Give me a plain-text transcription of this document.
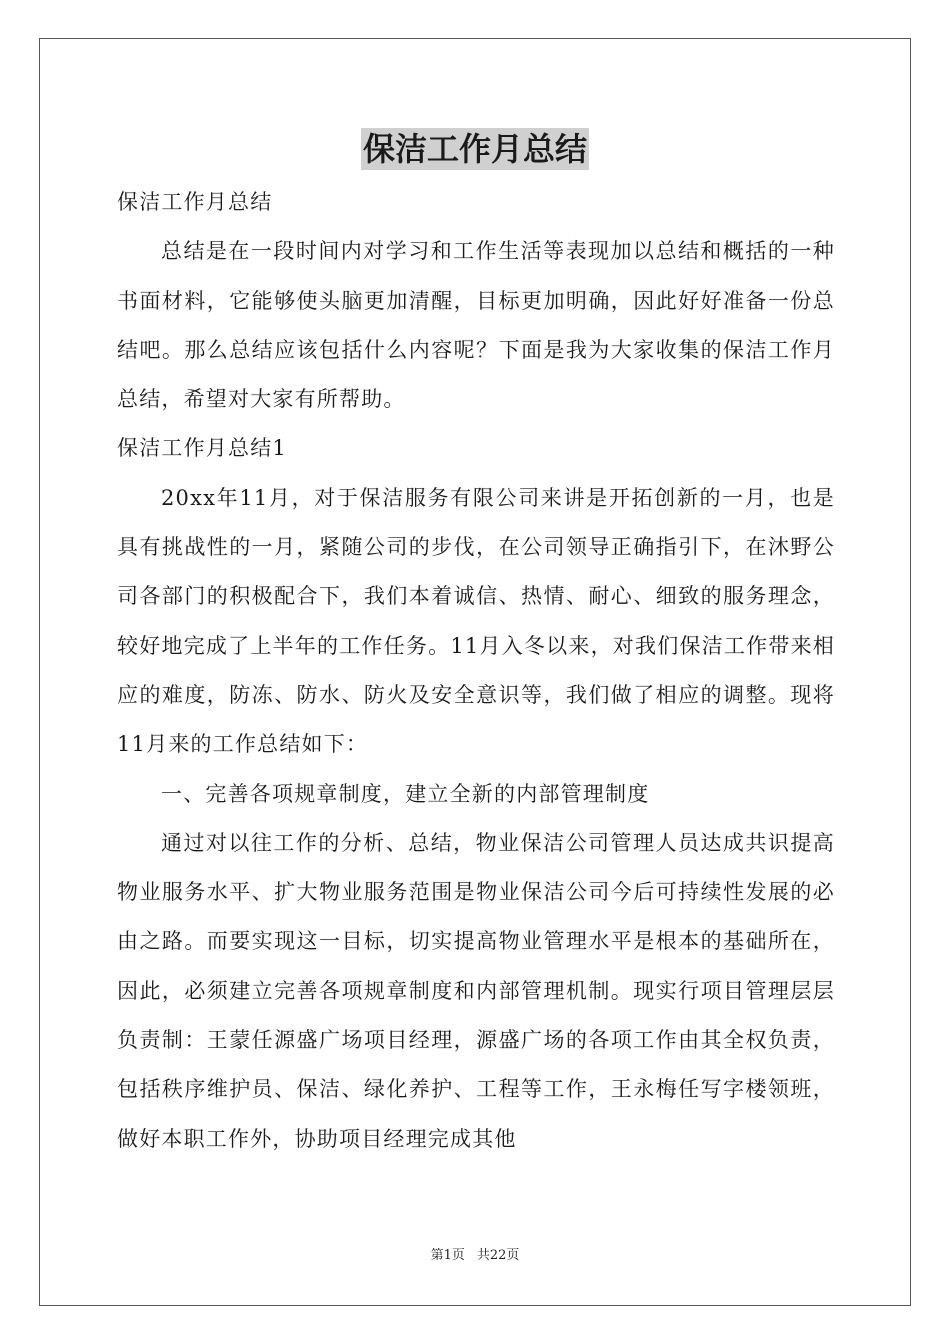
保洁工作月总结

保洁工作月总结

总结是在一段时间内对学习和工作生活等表现加以总结和概括的一种书面材料，它能够使头脑更加清醒，目标更加明确，因此好好准备一份总结吧。那么总结应该包括什么内容呢？下面是我为大家收集的保洁工作月总结，希望对大家有所帮助。

保洁工作月总结1

20xx年11月，对于保洁服务有限公司来讲是开拓创新的一月，也是具有挑战性的一月，紧随公司的步伐，在公司领导正确指引下，在沐野公司各部门的积极配合下，我们本着诚信、热情、耐心、细致的服务理念，较好地完成了上半年的工作任务。11月入冬以来，对我们保洁工作带来相应的难度，防冻、防水、防火及安全意识等，我们做了相应的调整。现将11月来的工作总结如下：

一、完善各项规章制度，建立全新的内部管理制度

通过对以往工作的分析、总结，物业保洁公司管理人员达成共识提高物业服务水平、扩大物业服务范围是物业保洁公司今后可持续性发展的必由之路。而要实现这一目标，切实提高物业管理水平是根本的基础所在，因此，必须建立完善各项规章制度和内部管理机制。现实行项目管理层层负责制：王蒙任源盛广场项目经理，源盛广场的各项工作由其全权负责，包括秩序维护员、保洁、绿化养护、工程等工作，王永梅任写字楼领班，做好本职工作外，协助项目经理完成其他

第1页 共22页
